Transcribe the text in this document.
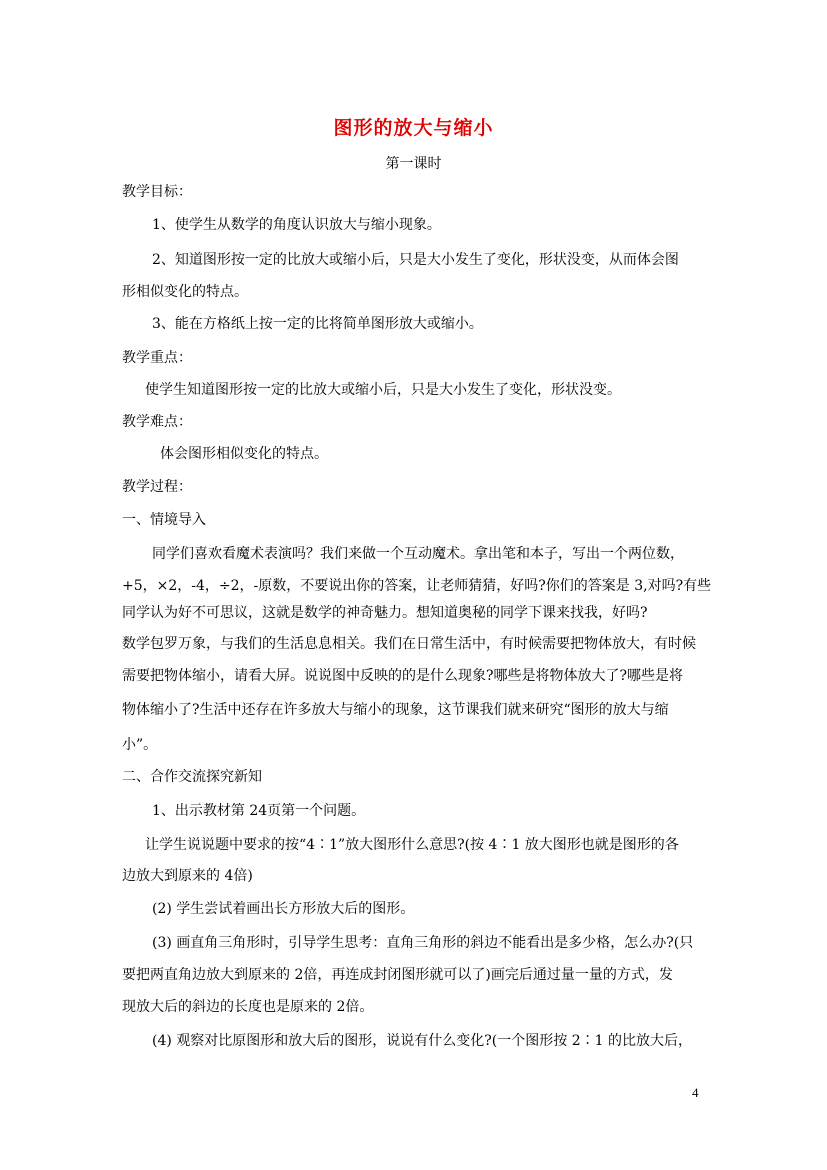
图形的放大与缩小
第一课时
教学目标：
1、使学生从数学的角度认识放大与缩小现象。
2、知道图形按一定的比放大或缩小后，只是大小发生了变化，形状没变，从而体会图
形相似变化的特点。
3、能在方格纸上按一定的比将简单图形放大或缩小。
教学重点：
使学生知道图形按一定的比放大或缩小后，只是大小发生了变化，形状没变。
教学难点：
体会图形相似变化的特点。
教学过程：
一、情境导入
同学们喜欢看魔术表演吗？我们来做一个互动魔术。拿出笔和本子，写出一个两位数，
+5，×2，-4，÷2，-原数，不要说出你的答案，让老师猜猜，好吗?你们的答案是 3,对吗?有些
同学认为好不可思议，这就是数学的神奇魅力。想知道奥秘的同学下课来找我，好吗?
数学包罗万象，与我们的生活息息相关。我们在日常生活中，有时候需要把物体放大，有时候
需要把物体缩小，请看大屏。说说图中反映的的是什么现象?哪些是将物体放大了?哪些是将
物体缩小了?生活中还存在许多放大与缩小的现象，这节课我们就来研究“图形的放大与缩
小”。
二、合作交流探究新知
1、出示教材第 24页第一个问题。
让学生说说题中要求的按“4∶1”放大图形什么意思?(按 4∶1 放大图形也就是图形的各
边放大到原来的 4倍)
(2) 学生尝试着画出长方形放大后的图形。
(3) 画直角三角形时，引导学生思考：直角三角形的斜边不能看出是多少格，怎么办?(只
要把两直角边放大到原来的 2倍，再连成封闭图形就可以了)画完后通过量一量的方式，发
现放大后的斜边的长度也是原来的 2倍。
(4) 观察对比原图形和放大后的图形，说说有什么变化?(一个图形按 2∶1 的比放大后，
4
